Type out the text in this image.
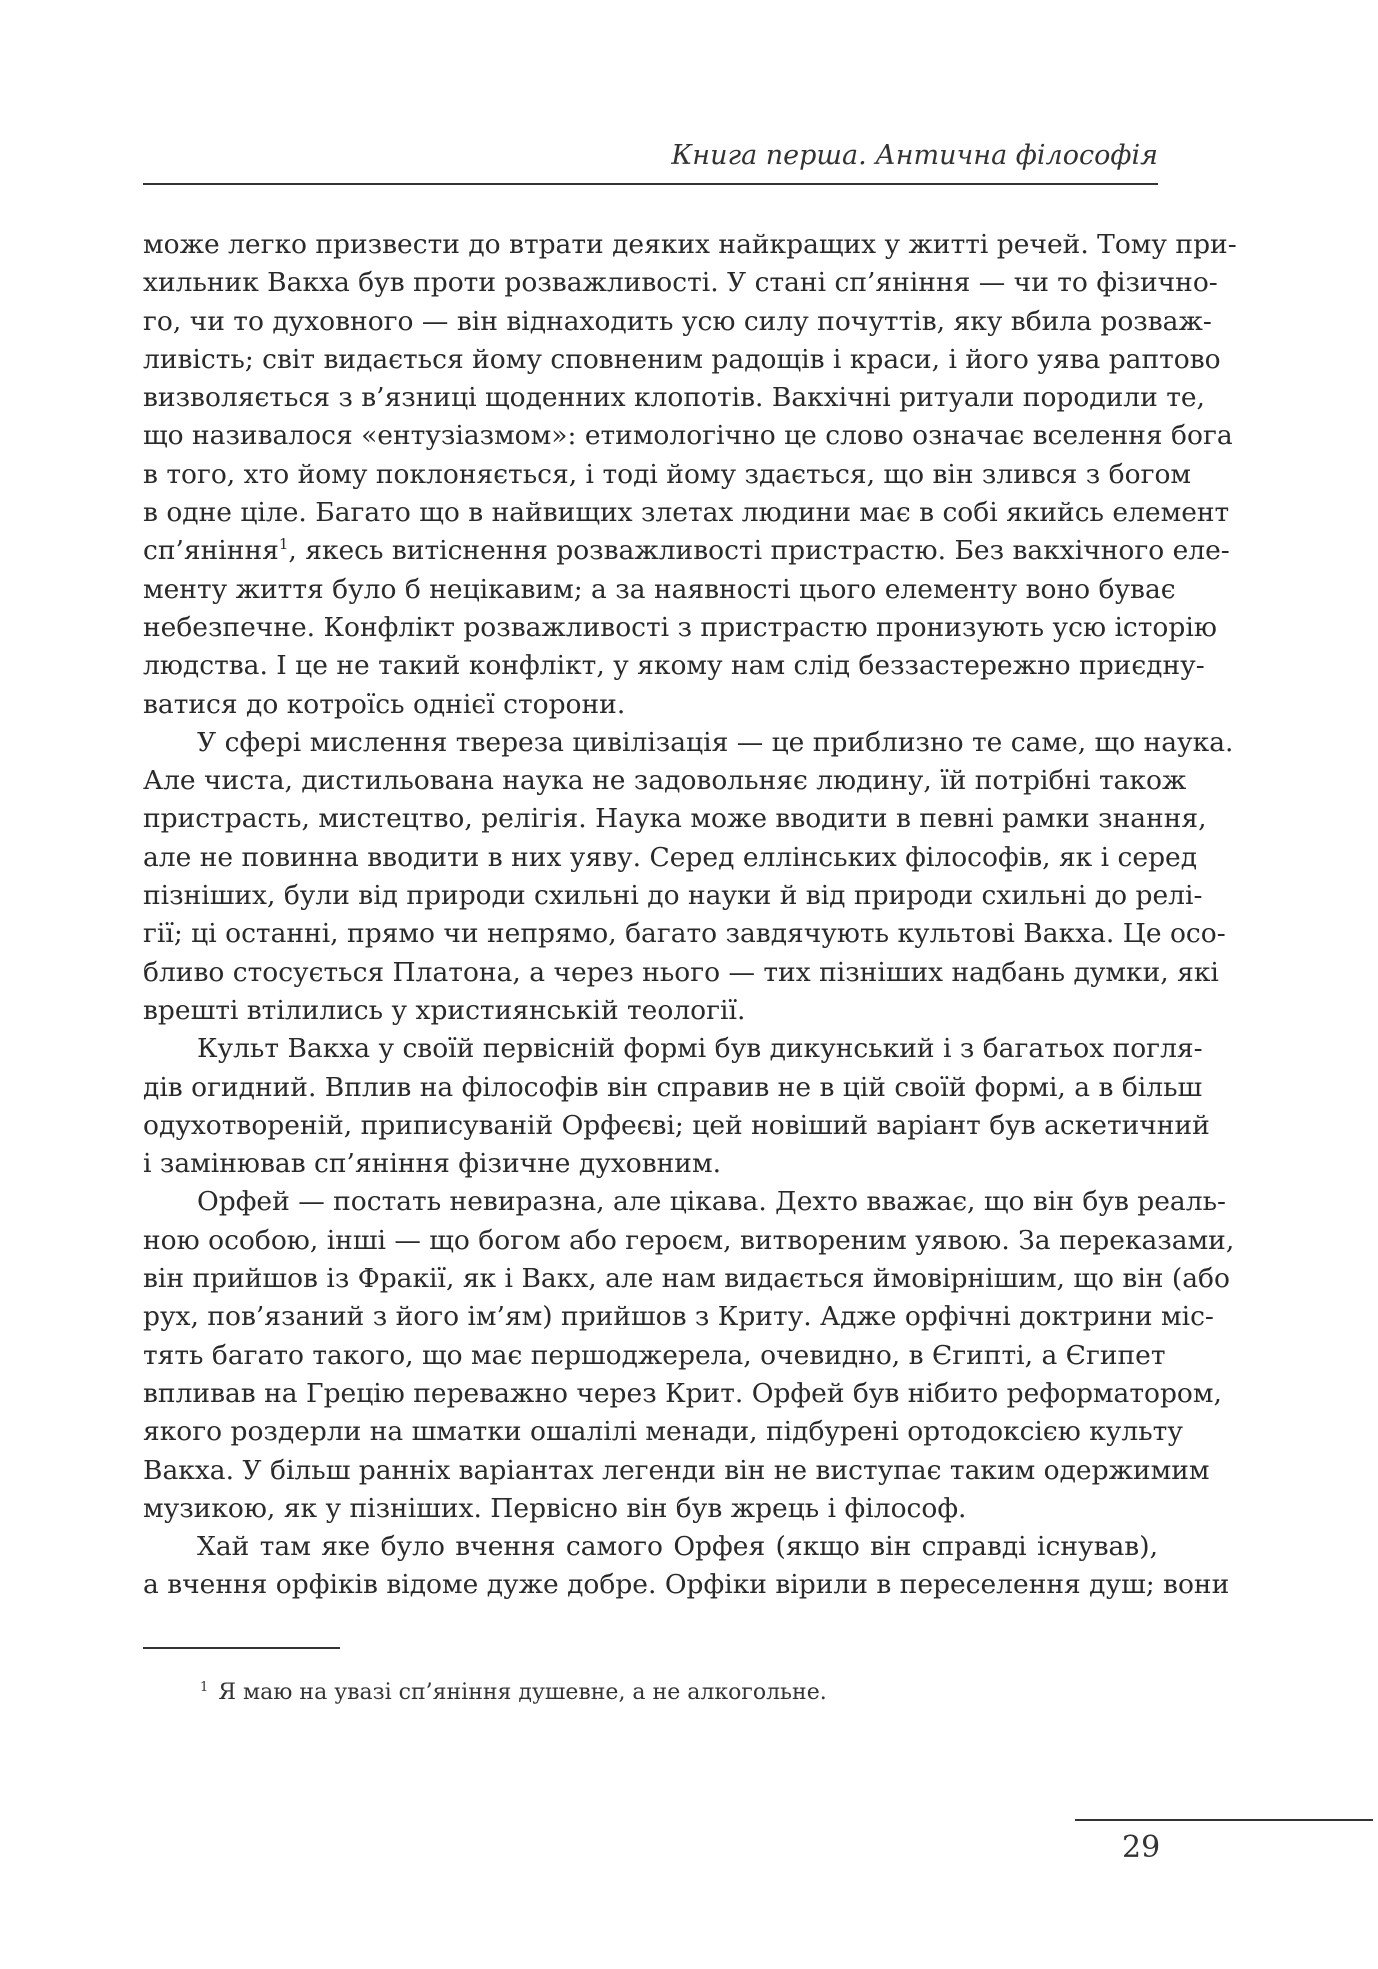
Книга перша. Антична філософія
може легко призвести до втрати деяких найкращих у житті речей. Тому при-
хильник Вакха був проти розважливості. У стані сп’яніння — чи то фізично-
го, чи то духовного — він віднаходить усю силу почуттів, яку вбила розваж-
ливість; світ видається йому сповненим радощів і краси, і його уява раптово
визволяється з в’язниці щоденних клопотів. Вакхічні ритуали породили те,
що називалося «ентузіазмом»: етимологічно це слово означає вселення бога
в того, хто йому поклоняється, і тоді йому здається, що він злився з богом
в одне ціле. Багато що в найвищих злетах людини має в собі якийсь елемент
сп’яніння$^1$, якесь витіснення розважливості пристрастю. Без вакхічного еле-
менту життя було б нецікавим; а за наявності цього елементу воно буває
небезпечне. Конфлікт розважливості з пристрастю пронизують усю історію
людства. І це не такий конфлікт, у якому нам слід беззастережно приєдну-
ватися до котроїсь однієї сторони.
У сфері мислення твереза цивілізація — це приблизно те саме, що наука.
Але чиста, дистильована наука не задовольняє людину, їй потрібні також
пристрасть, мистецтво, релігія. Наука може вводити в певні рамки знання,
але не повинна вводити в них уяву. Серед еллінських філософів, як і серед
пізніших, були від природи схильні до науки й від природи схильні до релі-
гії; ці останні, прямо чи непрямо, багато завдячують культові Вакха. Це осо-
бливо стосується Платона, а через нього — тих пізніших надбань думки, які
врешті втілились у християнській теології.
Культ Вакха у своїй первісній формі був дикунський і з багатьох погля-
дів огидний. Вплив на філософів він справив не в цій своїй формі, а в більш
одухотвореній, приписуваній Орфеєві; цей новіший варіант був аскетичний
і замінював сп’яніння фізичне духовним.
Орфей — постать невиразна, але цікава. Дехто вважає, що він був реаль-
ною особою, інші — що богом або героєм, витвореним уявою. За переказами,
він прийшов із Фракії, як і Вакх, але нам видається ймовірнішим, що він (або
рух, пов’язаний з його ім’ям) прийшов з Криту. Адже орфічні доктрини міс-
тять багато такого, що має першоджерела, очевидно, в Єгипті, а Єгипет
впливав на Грецію переважно через Крит. Орфей був нібито реформатором,
якого роздерли на шматки ошалілі менади, підбурені ортодоксією культу
Вакха. У більш ранніх варіантах легенди він не виступає таким одержимим
музикою, як у пізніших. Первісно він був жрець і філософ.
Хай там яке було вчення самого Орфея (якщо він справді існував),
а вчення орфіків відоме дуже добре. Орфіки вірили в переселення душ; вони
$^1$ Я маю на увазі сп’яніння душевне, а не алкогольне.
29
